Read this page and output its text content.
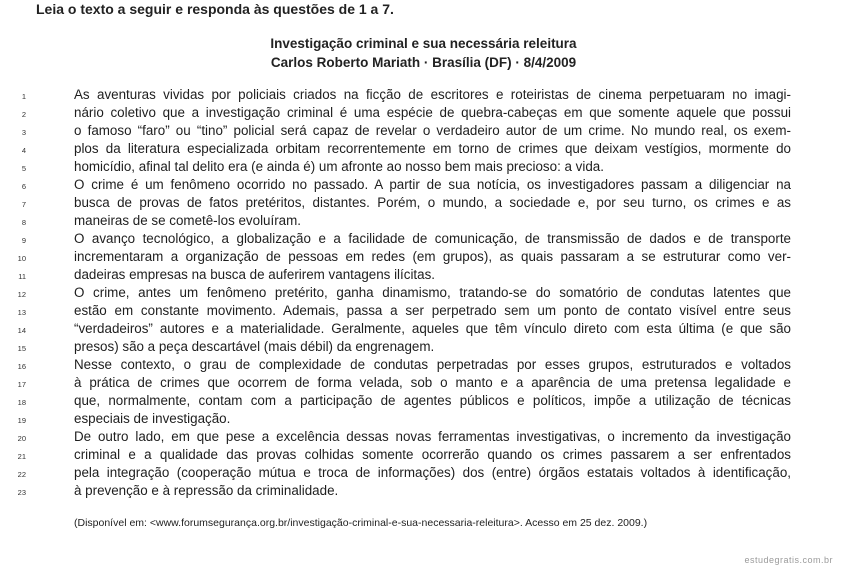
Leia o texto a seguir e responda às questões de 1 a 7.
Investigação criminal e sua necessária releitura
Carlos Roberto Mariath · Brasília (DF) · 8/4/2009
1	As aventuras vividas por policiais criados na ficção de escritores e roteiristas de cinema perpetuaram no imagi-
2	nário coletivo que a investigação criminal é uma espécie de quebra-cabeças em que somente aquele que possui
3	o famoso “faro” ou “tino” policial será capaz de revelar o verdadeiro autor de um crime. No mundo real, os exem-
4	plos da literatura especializada orbitam recorrentemente em torno de crimes que deixam vestígios, mormente do
5	homicídio, afinal tal delito era (e ainda é) um afronte ao nosso bem mais precioso: a vida.
6	O crime é um fenômeno ocorrido no passado. A partir de sua notícia, os investigadores passam a diligenciar na
7	busca de provas de fatos pretéritos, distantes. Porém, o mundo, a sociedade e, por seu turno, os crimes e as
8	maneiras de se cometê-los evoluíram.
9	O avanço tecnológico, a globalização e a facilidade de comunicação, de transmissão de dados e de transporte
10	incrementaram a organização de pessoas em redes (em grupos), as quais passaram a se estruturar como ver-
11	dadeiras empresas na busca de auferirem vantagens ilícitas.
12	O crime, antes um fenômeno pretérito, ganha dinamismo, tratando-se do somatório de condutas latentes que
13	estão em constante movimento. Ademais, passa a ser perpetrado sem um ponto de contato visível entre seus
14	“verdadeiros” autores e a materialidade. Geralmente, aqueles que têm vínculo direto com esta última (e que são
15	presos) são a peça descartável (mais débil) da engrenagem.
16	Nesse contexto, o grau de complexidade de condutas perpetradas por esses grupos, estruturados e voltados
17	à prática de crimes que ocorrem de forma velada, sob o manto e a aparência de uma pretensa legalidade e
18	que, normalmente, contam com a participação de agentes públicos e políticos, impõe a utilização de técnicas
19	especiais de investigação.
20	De outro lado, em que pese a excelência dessas novas ferramentas investigativas, o incremento da investigação
21	criminal e a qualidade das provas colhidas somente ocorrerão quando os crimes passarem a ser enfrentados
22	pela integração (cooperação mútua e troca de informações) dos (entre) órgãos estatais voltados à identificação,
23	à prevenção e à repressão da criminalidade.
(Disponível em: <www.forumsegurança.org.br/investigação-criminal-e-sua-necessaria-releitura>. Acesso em 25 dez. 2009.)
estudegratis.com.br
